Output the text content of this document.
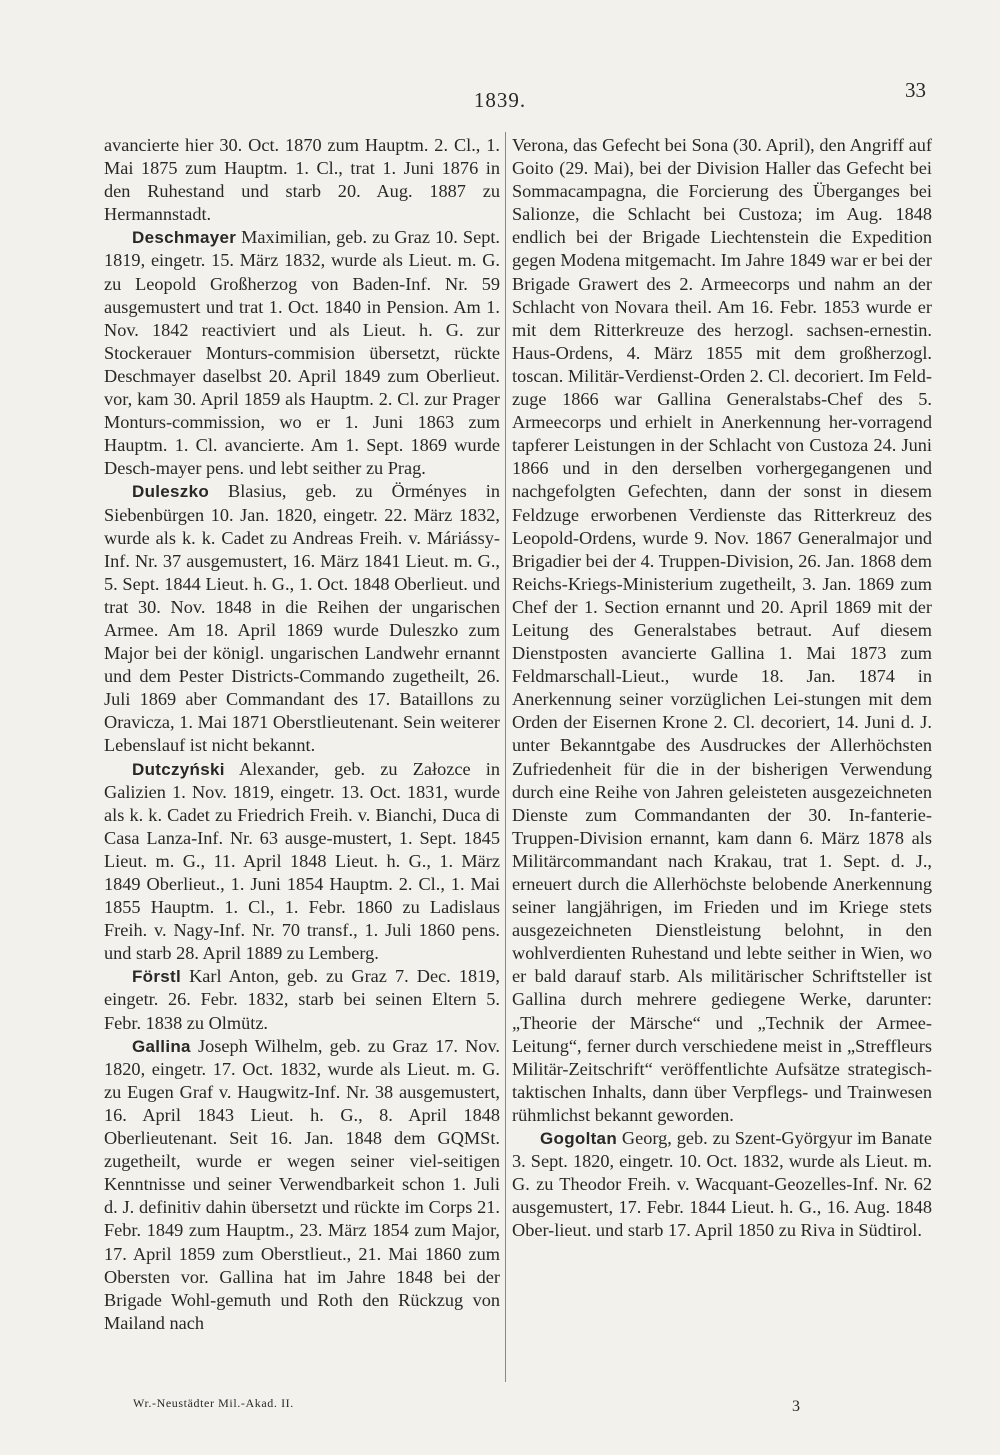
1839.	33

avancierte hier 30. Oct. 1870 zum Hauptm. 2. Cl., 1. Mai 1875 zum Hauptm. 1. Cl., trat 1. Juni 1876 in den Ruhestand und starb 20. Aug. 1887 zu Hermannstadt.

Deschmayer Maximilian, geb. zu Graz 10. Sept. 1819, eingetr. 15. März 1832, wurde als Lieut. m. G. zu Leopold Großherzog von Baden-Inf. Nr. 59 ausgemustert und trat 1. Oct. 1840 in Pension. Am 1. Nov. 1842 reactiviert und als Lieut. h. G. zur Stockerauer Monturs-commision übersetzt, rückte Deschmayer daselbst 20. April 1849 zum Oberlieut. vor, kam 30. April 1859 als Hauptm. 2. Cl. zur Prager Monturs-commission, wo er 1. Juni 1863 zum Hauptm. 1. Cl. avancierte. Am 1. Sept. 1869 wurde Desch-mayer pens. und lebt seither zu Prag.

Duleszko Blasius, geb. zu Örményes in Siebenbürgen 10. Jan. 1820, eingetr. 22. März 1832, wurde als k. k. Cadet zu Andreas Freih. v. Máriássy-Inf. Nr. 37 ausgemustert, 16. März 1841 Lieut. m. G., 5. Sept. 1844 Lieut. h. G., 1. Oct. 1848 Oberlieut. und trat 30. Nov. 1848 in die Reihen der ungarischen Armee. Am 18. April 1869 wurde Duleszko zum Major bei der königl. ungarischen Landwehr ernannt und dem Pester Districts-Commando zugetheilt, 26. Juli 1869 aber Commandant des 17. Bataillons zu Oravicza, 1. Mai 1871 Oberstlieutenant. Sein weiterer Lebenslauf ist nicht bekannt.

Dutczyński Alexander, geb. zu Załozce in Galizien 1. Nov. 1819, eingetr. 13. Oct. 1831, wurde als k. k. Cadet zu Friedrich Freih. v. Bianchi, Duca di Casa Lanza-Inf. Nr. 63 ausge-mustert, 1. Sept. 1845 Lieut. m. G., 11. April 1848 Lieut. h. G., 1. März 1849 Oberlieut., 1. Juni 1854 Hauptm. 2. Cl., 1. Mai 1855 Hauptm. 1. Cl., 1. Febr. 1860 zu Ladislaus Freih. v. Nagy-Inf. Nr. 70 transf., 1. Juli 1860 pens. und starb 28. April 1889 zu Lemberg.

Förstl Karl Anton, geb. zu Graz 7. Dec. 1819, eingetr. 26. Febr. 1832, starb bei seinen Eltern 5. Febr. 1838 zu Olmütz.

Gallina Joseph Wilhelm, geb. zu Graz 17. Nov. 1820, eingetr. 17. Oct. 1832, wurde als Lieut. m. G. zu Eugen Graf v. Haugwitz-Inf. Nr. 38 ausgemustert, 16. April 1843 Lieut. h. G., 8. April 1848 Oberlieutenant. Seit 16. Jan. 1848 dem GQMSt. zugetheilt, wurde er wegen seiner viel-seitigen Kenntnisse und seiner Verwendbarkeit schon 1. Juli d. J. definitiv dahin übersetzt und rückte im Corps 21. Febr. 1849 zum Hauptm., 23. März 1854 zum Major, 17. April 1859 zum Oberstlieut., 21. Mai 1860 zum Obersten vor. Gallina hat im Jahre 1848 bei der Brigade Wohl-gemuth und Roth den Rückzug von Mailand nach

Verona, das Gefecht bei Sona (30. April), den Angriff auf Goito (29. Mai), bei der Division Haller das Gefecht bei Sommacampagna, die Forcierung des Überganges bei Salionze, die Schlacht bei Custoza; im Aug. 1848 endlich bei der Brigade Liechtenstein die Expedition gegen Modena mitgemacht. Im Jahre 1849 war er bei der Brigade Grawert des 2. Armeecorps und nahm an der Schlacht von Novara theil. Am 16. Febr. 1853 wurde er mit dem Ritterkreuze des herzogl. sachsen-ernestin. Haus-Ordens, 4. März 1855 mit dem großherzogl. toscan. Militär-Verdienst-Orden 2. Cl. decoriert. Im Feld-zuge 1866 war Gallina Generalstabs-Chef des 5. Armeecorps und erhielt in Anerkennung her-vorragend tapferer Leistungen in der Schlacht von Custoza 24. Juni 1866 und in den derselben vorhergegangenen und nachgefolgten Gefechten, dann der sonst in diesem Feldzuge erworbenen Verdienste das Ritterkreuz des Leopold-Ordens, wurde 9. Nov. 1867 Generalmajor und Brigadier bei der 4. Truppen-Division, 26. Jan. 1868 dem Reichs-Kriegs-Ministerium zugetheilt, 3. Jan. 1869 zum Chef der 1. Section ernannt und 20. April 1869 mit der Leitung des Generalstabes betraut. Auf diesem Dienstposten avancierte Gallina 1. Mai 1873 zum Feldmarschall-Lieut., wurde 18. Jan. 1874 in Anerkennung seiner vorzüglichen Lei-stungen mit dem Orden der Eisernen Krone 2. Cl. decoriert, 14. Juni d. J. unter Bekanntgabe des Ausdruckes der Allerhöchsten Zufriedenheit für die in der bisherigen Verwendung durch eine Reihe von Jahren geleisteten ausgezeichneten Dienste zum Commandanten der 30. In-fanterie-Truppen-Division ernannt, kam dann 6. März 1878 als Militärcommandant nach Krakau, trat 1. Sept. d. J., erneuert durch die Allerhöchste belobende Anerkennung seiner langjährigen, im Frieden und im Kriege stets ausgezeichneten Dienstleistung belohnt, in den wohlverdienten Ruhestand und lebte seither in Wien, wo er bald darauf starb. Als militärischer Schriftsteller ist Gallina durch mehrere gediegene Werke, darunter: „Theorie der Märsche“ und „Technik der Armee-Leitung“, ferner durch verschiedene meist in „Streffleurs Militär-Zeitschrift“ veröffentlichte Aufsätze strategisch-taktischen Inhalts, dann über Verpflegs- und Trainwesen rühmlichst bekannt geworden.

Gogoltan Georg, geb. zu Szent-Györgyur im Banate 3. Sept. 1820, eingetr. 10. Oct. 1832, wurde als Lieut. m. G. zu Theodor Freih. v. Wacquant-Geozelles-Inf. Nr. 62 ausgemustert, 17. Febr. 1844 Lieut. h. G., 16. Aug. 1848 Ober-lieut. und starb 17. April 1850 zu Riva in Südtirol.

Wr.-Neustädter Mil.-Akad. II.	3
